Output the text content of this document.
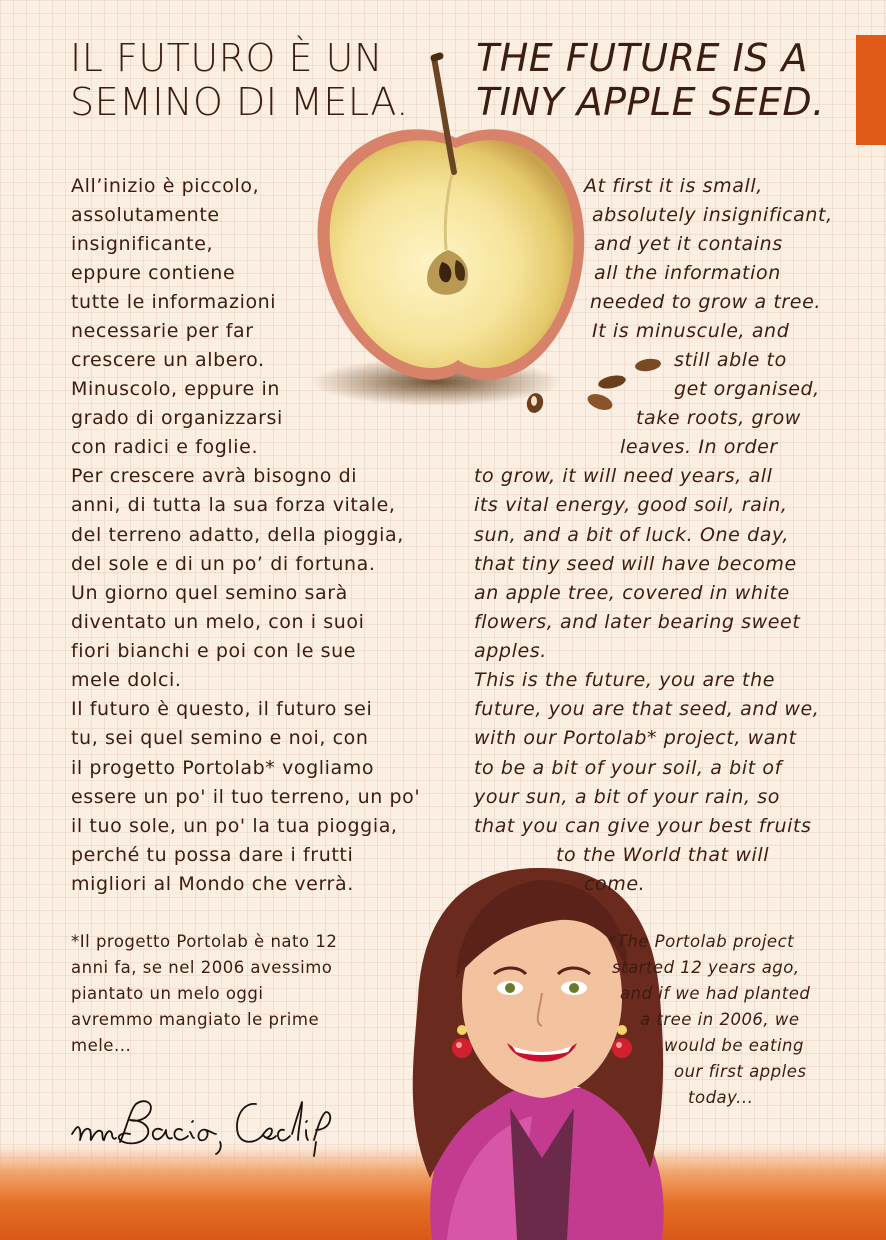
IL FUTURO È UN
SEMINO DI MELA.
THE FUTURE IS A
TINY APPLE SEED.
All’inizio è piccolo,
assolutamente
insignificante,
eppure contiene
tutte le informazioni
necessarie per far
crescere un albero.
Minuscolo, eppure in
grado di organizzarsi
con radici e foglie.
Per crescere avrà bisogno di
anni, di tutta la sua forza vitale,
del terreno adatto, della pioggia,
del sole e di un po’ di fortuna.
Un giorno quel semino sarà
diventato un melo, con i suoi
fiori bianchi e poi con le sue
mele dolci.
Il futuro è questo, il futuro sei
tu, sei quel semino e noi, con
il progetto Portolab* vogliamo
essere un po' il tuo terreno, un po'
il tuo sole, un po' la tua pioggia,
perché tu possa dare i frutti
migliori al Mondo che verrà.
At first it is small,
absolutely insignificant,
and yet it contains
all the information
needed to grow a tree.
It is minuscule, and
still able to
get organised,
take roots, grow
leaves. In order
to grow, it will need years, all
its vital energy, good soil, rain,
sun, and a bit of luck. One day,
that tiny seed will have become
an apple tree, covered in white
flowers, and later bearing sweet
apples.
This is the future, you are the
future, you are that seed, and we,
with our Portolab* project, want
to be a bit of your soil, a bit of
your sun, a bit of your rain, so
that you can give your best fruits
to the World that will
come.
*Il progetto Portolab è nato 12
anni fa, se nel 2006 avessimo
piantato un melo oggi
avremmo mangiato le prime
mele...
*The Portolab project
started 12 years ago,
and if we had planted
a tree in 2006, we
would be eating
our first apples
today...
